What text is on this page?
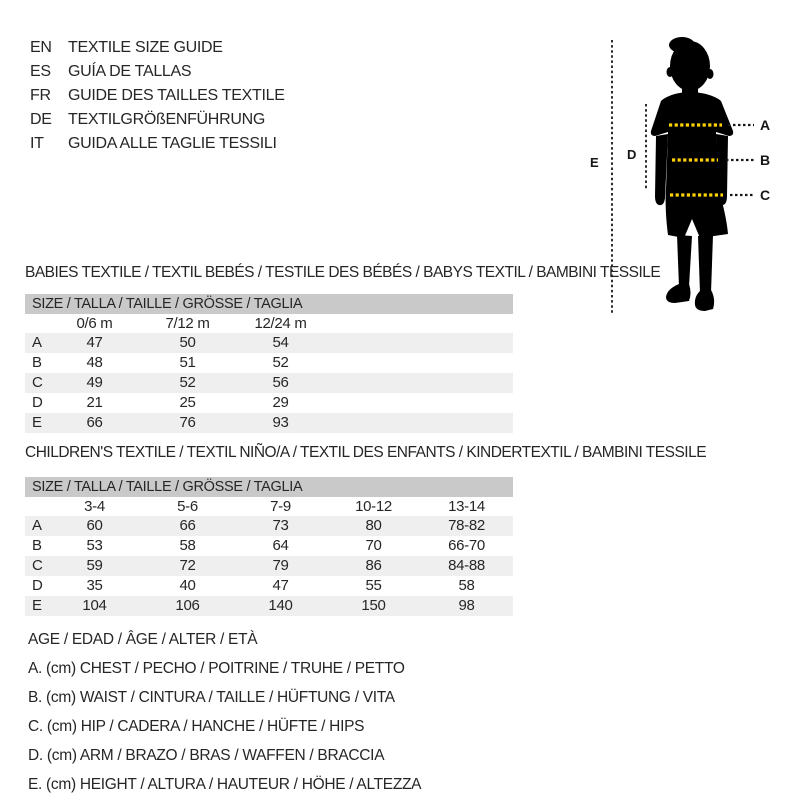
EN	TEXTILE SIZE GUIDE
ES	GUÍA DE TALLAS
FR	GUIDE DES TAILLES TEXTILE
DE	TEXTILGRÖßENFÜHRUNG
IT	GUIDA ALLE TAGLIE TESSILI
E
D
A
B
C
BABIES TEXTILE / TEXTIL BEBÉS / TESTILE DES BÉBÉS / BABYS TEXTIL / BAMBINI TESSILE
SIZE / TALLA / TAILLE / GRÖSSE / TAGLIA
0/6 m	7/12 m	12/24 m
A	47	50	54
B	48	51	52
C	49	52	56
D	21	25	29
E	66	76	93
CHILDREN'S TEXTILE / TEXTIL NIÑO/A / TEXTIL DES ENFANTS / KINDERTEXTIL / BAMBINI TESSILE
SIZE / TALLA / TAILLE / GRÖSSE / TAGLIA
3-4	5-6	7-9	10-12	13-14
A	60	66	73	80	78-82
B	53	58	64	70	66-70
C	59	72	79	86	84-88
D	35	40	47	55	58
E	104	106	140	150	98
AGE / EDAD / ÂGE / ALTER / ETÀ
A. (cm) CHEST / PECHO / POITRINE / TRUHE / PETTO
B. (cm) WAIST / CINTURA / TAILLE / HÜFTUNG / VITA
C. (cm) HIP / CADERA / HANCHE / HÜFTE / HIPS
D. (cm) ARM / BRAZO / BRAS / WAFFEN / BRACCIA
E. (cm) HEIGHT / ALTURA / HAUTEUR / HÖHE / ALTEZZA
